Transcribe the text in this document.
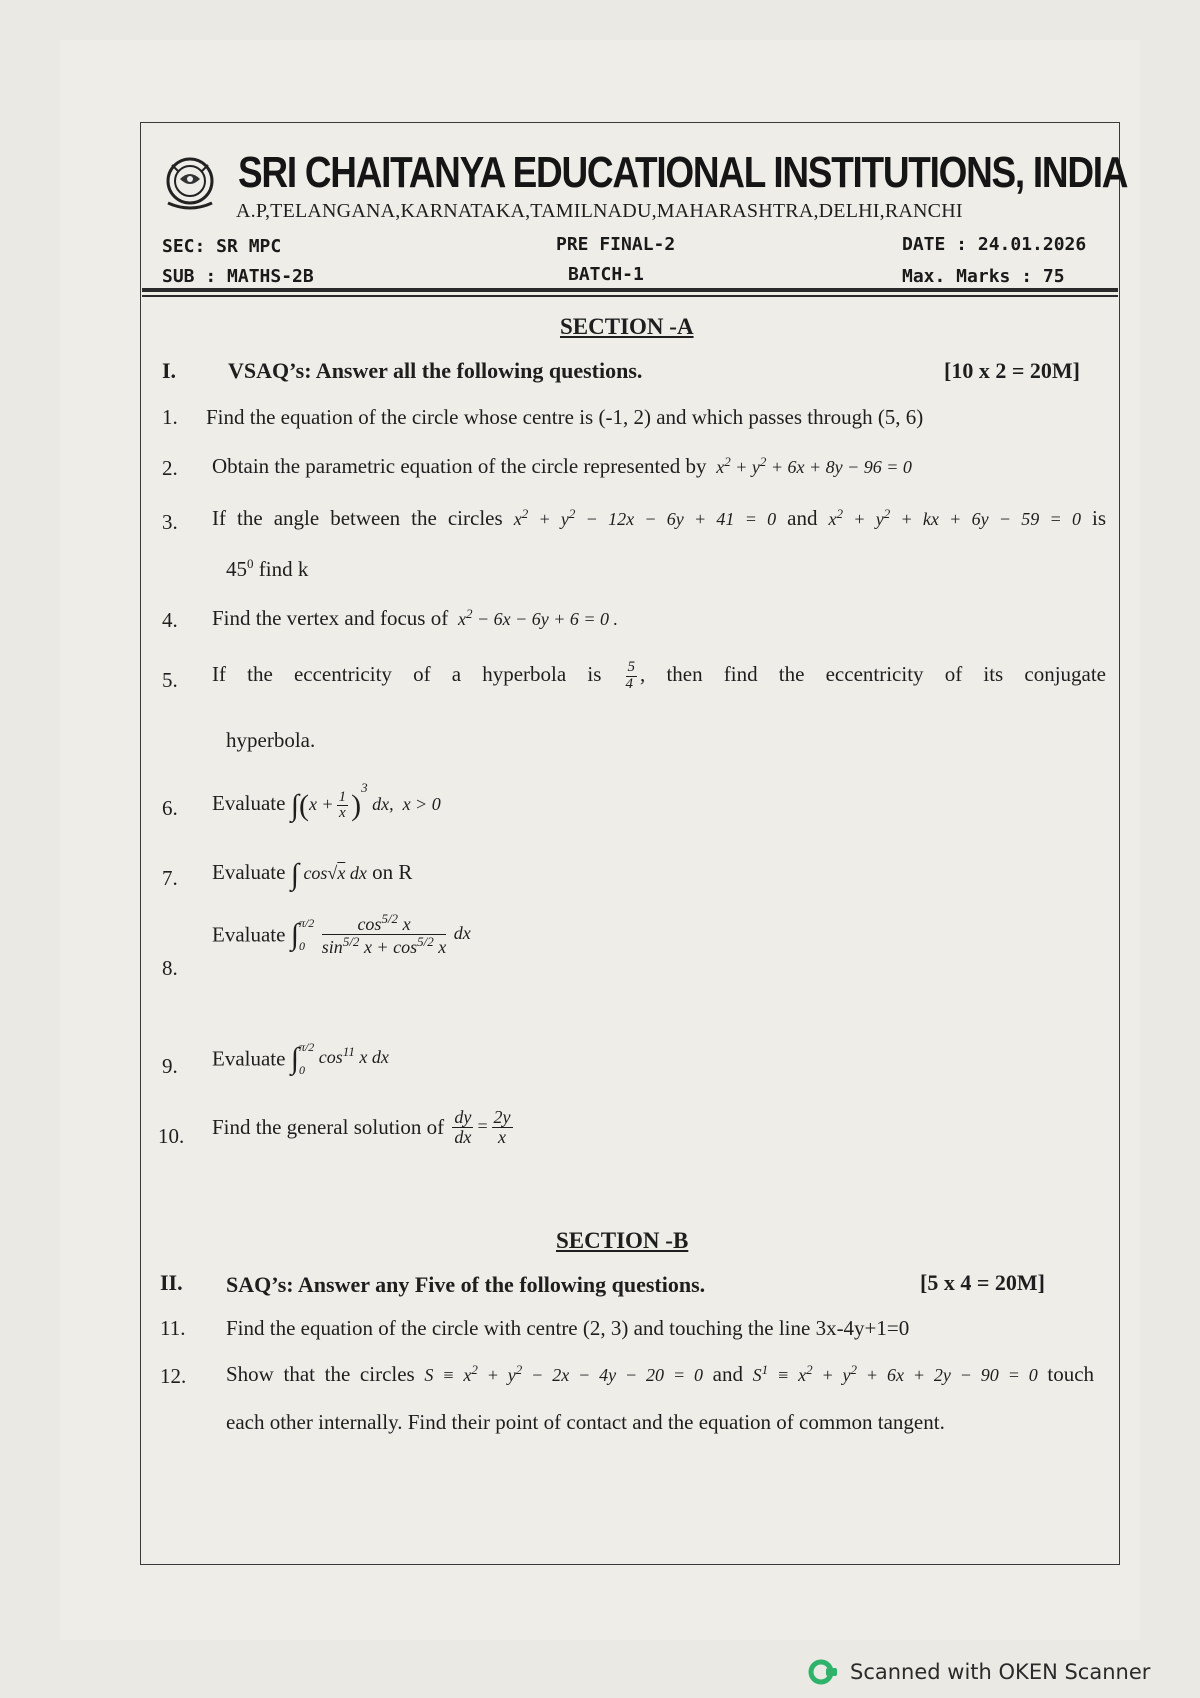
SRI CHAITANYA EDUCATIONAL INSTITUTIONS, INDIA
A.P,TELANGANA,KARNATAKA,TAMILNADU,MAHARASHTRA,DELHI,RANCHI
SEC: SR MPC	PRE FINAL-2	DATE : 24.01.2026
SUB : MATHS-2B	BATCH-1	Max. Marks : 75
SECTION -A
I. VSAQ’s: Answer all the following questions.	[10 x 2 = 20M]
1. Find the equation of the circle whose centre is (-1, 2) and which passes through (5, 6)
2. Obtain the parametric equation of the circle represented by  $x^2 + y^2 + 6x + 8y - 96 = 0$
3. If the angle between the circles $x^2 + y^2 - 12x - 6y + 41 = 0$ and $x^2 + y^2$ + kx + 6y − 59 = 0 is
$45^0$ find k
4. Find the vertex and focus of  $x^2 - 6x - 6y + 6 = 0$ .
5. If the eccentricity of a hyperbola is $\frac{5}{4}$ , then find the eccentricity of its conjugate
hyperbola.
6. Evaluate $\int(x + \frac{1}{x} )^3$ dx,  x > 0
7. Evaluate ∫ cos√x dx on R
8.
Evaluate ∫ π/2
0
$\frac{\cos^{5/2} x}{\sin^{5/2} x + \cos^{5/2} x}$ dx
9. Evaluate ∫ π/2
0
$\cos^{11} x$ dx
10. Find the general solution of $\frac{dy}{dx} = \frac{2y}{x}$
SECTION -B
II. SAQ’s: Answer any Five of the following questions.	[5 x 4 = 20M]
11. Find the equation of the circle with centre (2, 3) and touching the line 3x-4y+1=0
12. Show that the circles $S \equiv x^2 + y^2 - 2x - 4y - 20 = 0$ and $S^1 \equiv x^2 + y^2 + 6x + 2y - 90 = 0$ touch
each other internally. Find their point of contact and the equation of common tangent.
Scanned with OKEN Scanner
